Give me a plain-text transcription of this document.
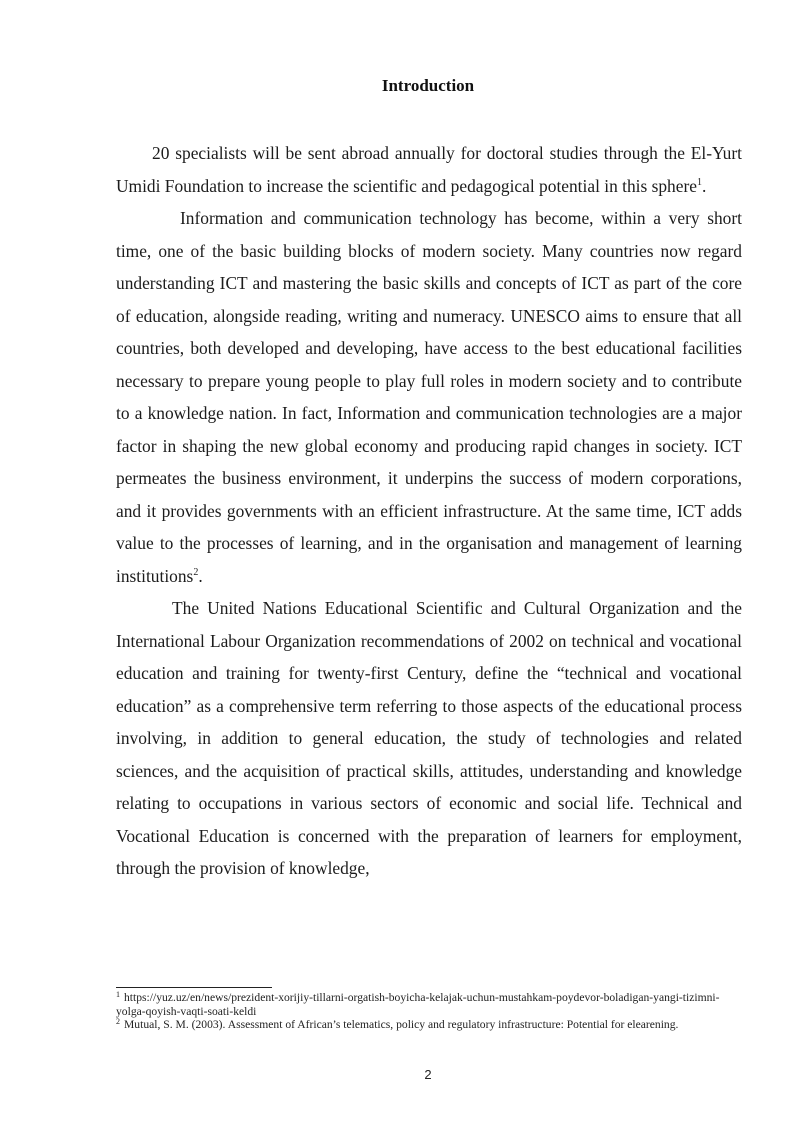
Introduction

20 specialists will be sent abroad annually for doctoral studies through the El-Yurt Umidi Foundation to increase the scientific and pedagogical potential in this sphere$^1$.

Information and communication technology has become, within a very short time, one of the basic building blocks of modern society. Many countries now regard understanding ICT and mastering the basic skills and concepts of ICT as part of the core of education, alongside reading, writing and numeracy. UNESCO aims to ensure that all countries, both developed and developing, have access to the best educational facilities necessary to prepare young people to play full roles in modern society and to contribute to a knowledge nation. In fact, Information and communication technologies are a major factor in shaping the new global economy and producing rapid changes in society. ICT permeates the business environment, it underpins the success of modern corporations, and it provides governments with an efficient infrastructure. At the same time, ICT adds value to the processes of learning, and in the organisation and management of learning institutions$^2$.

The United Nations Educational Scientific and Cultural Organization and the International Labour Organization recommendations of 2002 on technical and vocational education and training for twenty-first Century, define the “technical and vocational education” as a comprehensive term referring to those aspects of the educational process involving, in addition to general education, the study of technologies and related sciences, and the acquisition of practical skills, attitudes, understanding and knowledge relating to occupations in various sectors of economic and social life. Technical and Vocational Education is concerned with the preparation of learners for employment, through the provision of knowledge,

$^1$ https://yuz.uz/en/news/prezident-xorijiy-tillarni-orgatish-boyicha-kelajak-uchun-mustahkam-poydevor-boladigan-yangi-tizimni-yolga-qoyish-vaqti-soati-keldi

$^2$ Mutual, S. M. (2003). Assessment of African’s telematics, policy and regulatory infrastructure: Potential for elearening.

2
